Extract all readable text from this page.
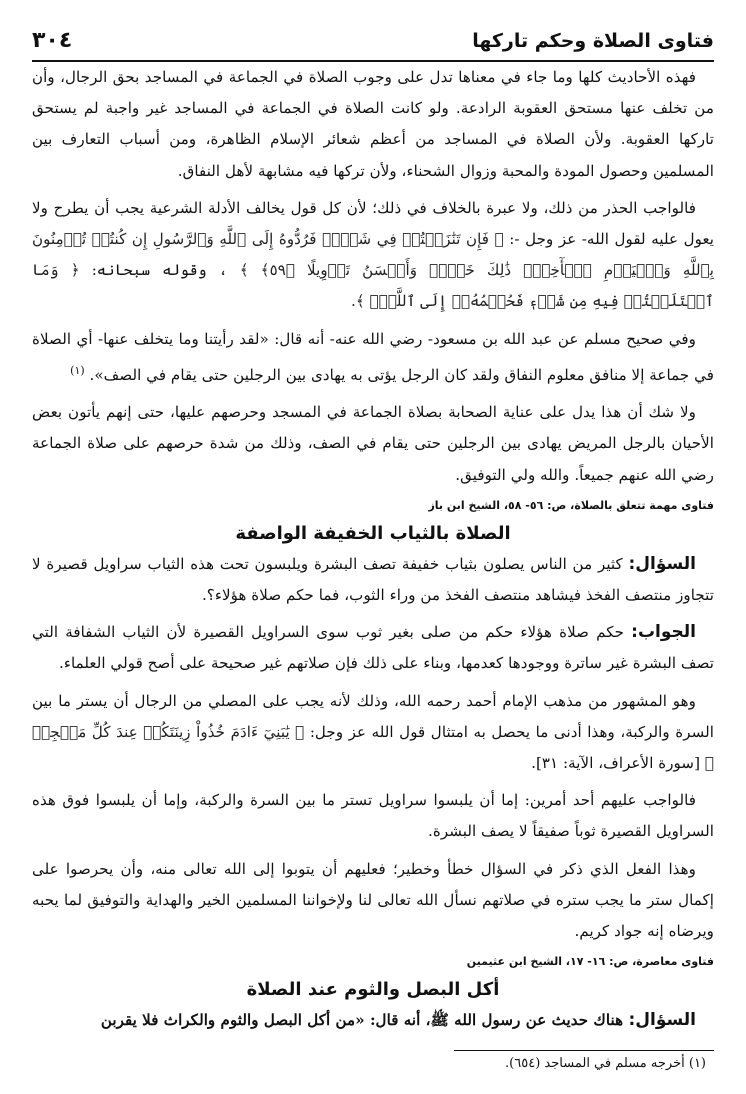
فتاوى الصلاة وحكم تاركها
٣٠٤

فهذه الأحاديث كلها وما جاء في معناها تدل على وجوب الصلاة في الجماعة في المساجد بحق الرجال، وأن من تخلف عنها مستحق العقوبة الرادعة. ولو كانت الصلاة في الجماعة في المساجد غير واجبة لم يستحق تاركها العقوبة. ولأن الصلاة في المساجد من أعظم شعائر الإسلام الظاهرة، ومن أسباب التعارف بين المسلمين وحصول المودة والمحبة وزوال الشحناء، ولأن تركها فيه مشابهة لأهل النفاق.

فالواجب الحذر من ذلك، ولا عبرة بالخلاف في ذلك؛ لأن كل قول يخالف الأدلة الشرعية يجب أن يطرح ولا يعول عليه لقول الله- عز وجل -: ﴿ فَإِن تَنَٰزَعۡتُمۡ فِي شَيۡءٖ فَرُدُّوهُ إِلَى ٱللَّهِ وَٱلرَّسُولِ إِن كُنتُمۡ تُؤۡمِنُونَ بِٱللَّهِ وَٱلۡيَوۡمِ ٱلۡأٓخِرِۚ ذَٰلِكَ خَيۡرٞ وَأَحۡسَنُ تَأۡوِيلًا ﴿٥٩﴾ ﴾ ، وقوله سبحانه: ﴿ وَمَا ٱخۡتَلَفۡتُمۡ فِيهِ مِن شَيۡءٖ فَحُكۡمُهُۥٓ إِلَى ٱللَّهِۚ ﴾.

وفي صحيح مسلم عن عبد الله بن مسعود- رضي الله عنه- أنه قال: «لقد رأيتنا وما يتخلف عنها- أي الصلاة في جماعة إلا منافق معلوم النفاق ولقد كان الرجل يؤتى به يهادى بين الرجلين حتى يقام في الصف». $^{(١)}$

ولا شك أن هذا يدل على عناية الصحابة بصلاة الجماعة في المسجد وحرصهم عليها، حتى إنهم يأتون بعض الأحيان بالرجل المريض يهادى بين الرجلين حتى يقام في الصف، وذلك من شدة حرصهم على صلاة الجماعة رضي الله عنهم جميعاً. والله ولي التوفيق.

فتاوى مهمة تتعلق بالصلاة، ص: ٥٦- ٥٨، الشيخ ابن باز
الصلاة بالثياب الخفيفة الواصفة

السؤال: كثير من الناس يصلون بثياب خفيفة تصف البشرة ويلبسون تحت هذه الثياب سراويل قصيرة لا تتجاوز منتصف الفخذ فيشاهد منتصف الفخذ من وراء الثوب، فما حكم صلاة هؤلاء؟.

الجواب: حكم صلاة هؤلاء حكم من صلى بغير ثوب سوى السراويل القصيرة لأن الثياب الشفافة التي تصف البشرة غير ساترة ووجودها كعدمها، وبناء على ذلك فإن صلاتهم غير صحيحة على أصح قولي العلماء.

وهو المشهور من مذهب الإمام أحمد رحمه الله، وذلك لأنه يجب على المصلي من الرجال أن يستر ما بين السرة والركبة، وهذا أدنى ما يحصل به امتثال قول الله عز وجل: ﴿ يَٰبَنِيٓ ءَادَمَ خُذُواْ زِينَتَكُمۡ عِندَ كُلِّ مَسۡجِدٖ ﴾ [سورة الأعراف، الآية: ٣١].

فالواجب عليهم أحد أمرين: إما أن يلبسوا سراويل تستر ما بين السرة والركبة، وإما أن يلبسوا فوق هذه السراويل القصيرة ثوباً صفيقاً لا يصف البشرة.

وهذا الفعل الذي ذكر في السؤال خطأ وخطير؛ فعليهم أن يتوبوا إلى الله تعالى منه، وأن يحرصوا على إكمال ستر ما يجب ستره في صلاتهم نسأل الله تعالى لنا ولإخواننا المسلمين الخير والهداية والتوفيق لما يحبه ويرضاه إنه جواد كريم.

فتاوى معاصرة، ص: ١٦- ١٧، الشيخ ابن عثيمين
أكل البصل والثوم عند الصلاة

السؤال: هناك حديث عن رسول الله ﷺ، أنه قال: «من أكل البصل والثوم والكراث فلا يقربن

(١) أخرجه مسلم في المساجد (٦٥٤).
